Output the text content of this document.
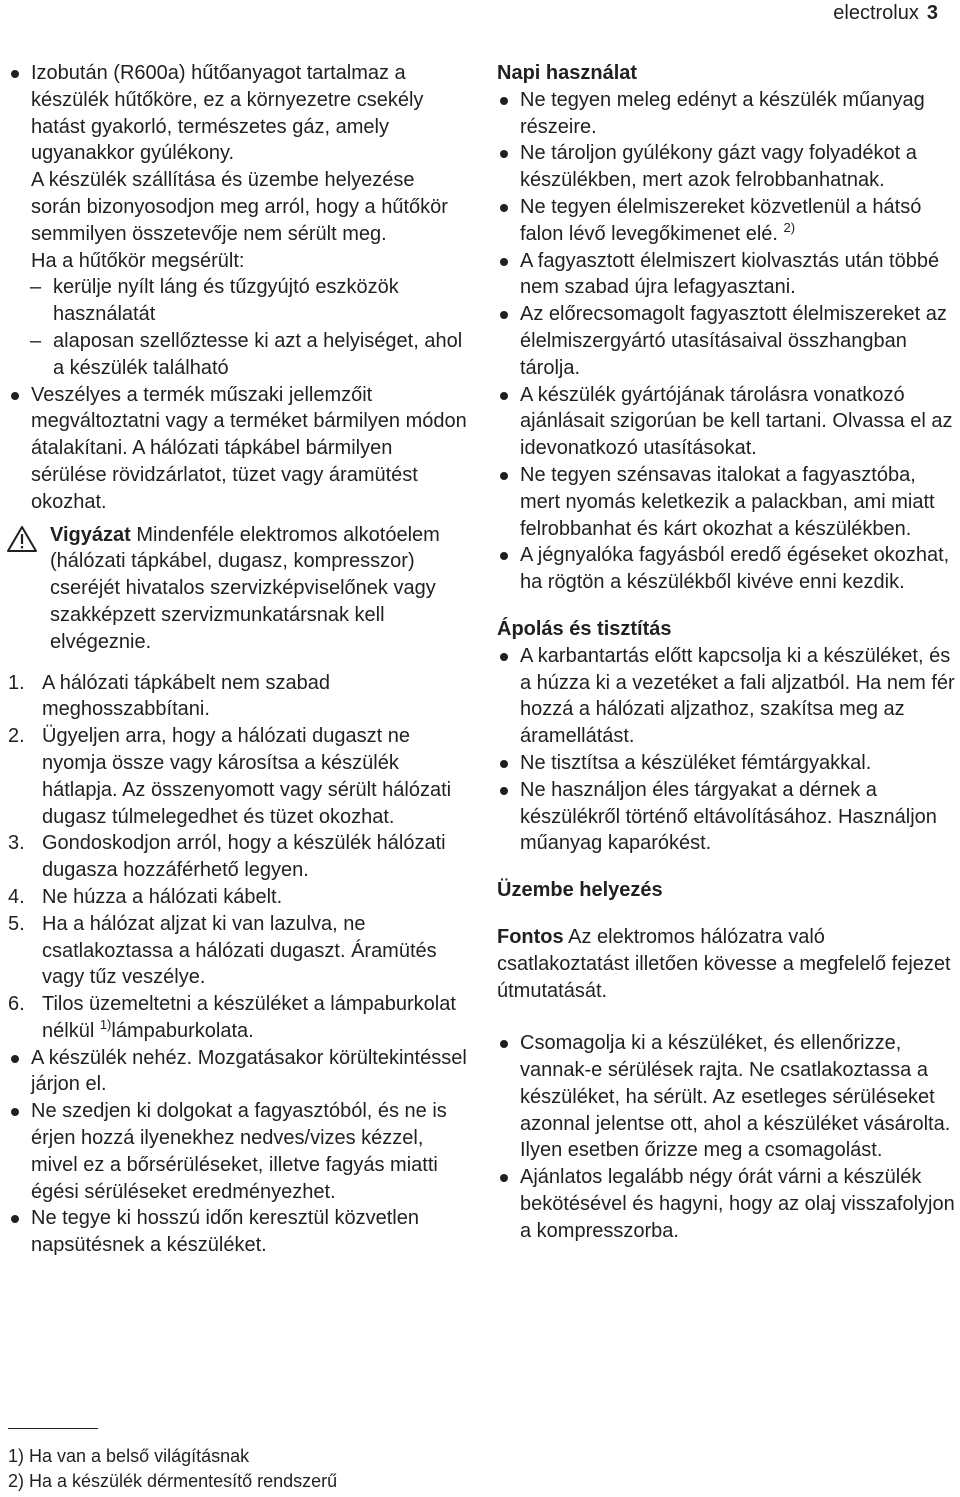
electrolux 3

Izobután (R600a) hűtőanyagot tartalmaz a készülék hűtőköre, ez a környezetre csekély hatást gyakorló, természetes gáz, amely ugyanakkor gyúlékony.

A készülék szállítása és üzembe helyezése során bizonyosodjon meg arról, hogy a hűtőkör semmilyen összetevője nem sérült meg.

Ha a hűtőkör megsérült:

– kerülje nyílt láng és tűzgyújtó eszközök használatát
– alaposan szellőztesse ki azt a helyiséget, ahol a készülék található
Veszélyes a termék műszaki jellemzőit megváltoztatni vagy a terméket bármilyen módon átalakítani. A hálózati tápkábel bármilyen sérülése rövidzárlatot, tüzet vagy áramütést okozhat.

Vigyázat Mindenféle elektromos alkotóelem (hálózati tápkábel, dugasz, kompresszor) cseréjét hivatalos szervizképviselőnek vagy szakképzett szervizmunkatársnak kell elvégeznie.

1. A hálózati tápkábelt nem szabad meghosszabbítani.
2. Ügyeljen arra, hogy a hálózati dugaszt ne nyomja össze vagy károsítsa a készülék hátlapja. Az összenyomott vagy sérült hálózati dugasz túlmelegedhet és tüzet okozhat.
3. Gondoskodjon arról, hogy a készülék hálózati dugasza hozzáférhető legyen.
4. Ne húzza a hálózati kábelt.
5. Ha a hálózat aljzat ki van lazulva, ne csatlakoztassa a hálózati dugaszt. Áramütés vagy tűz veszélye.
6. Tilos üzemeltetni a készüléket a lámpaburkolat nélkül $^{1)}$lámpaburkolata.
A készülék nehéz. Mozgatásakor körültekintéssel járjon el.
Ne szedjen ki dolgokat a fagyasztóból, és ne is érjen hozzá ilyenekhez nedves/vizes kézzel, mivel ez a bőrsérüléseket, illetve fagyás miatti égési sérüléseket eredményezhet.
Ne tegye ki hosszú időn keresztül közvetlen napsütésnek a készüléket.
Napi használat
Ne tegyen meleg edényt a készülék műanyag részeire.
Ne tároljon gyúlékony gázt vagy folyadékot a készülékben, mert azok felrobbanhatnak.
Ne tegyen élelmiszereket közvetlenül a hátsó falon lévő levegőkimenet elé. $^{2)}$
A fagyasztott élelmiszert kiolvasztás után többé nem szabad újra lefagyasztani.
Az előrecsomagolt fagyasztott élelmiszereket az élelmiszergyártó utasításaival összhangban tárolja.
A készülék gyártójának tárolásra vonatkozó ajánlásait szigorúan be kell tartani. Olvassa el az idevonatkozó utasításokat.
Ne tegyen szénsavas italokat a fagyasztóba, mert nyomás keletkezik a palackban, ami miatt felrobbanhat és kárt okozhat a készülékben.
A jégnyalóka fagyásból eredő égéseket okozhat, ha rögtön a készülékből kivéve enni kezdik.
Ápolás és tisztítás
A karbantartás előtt kapcsolja ki a készüléket, és a húzza ki a vezetéket a fali aljzatból. Ha nem fér hozzá a hálózati aljzathoz, szakítsa meg az áramellátást.
Ne tisztítsa a készüléket fémtárgyakkal.
Ne használjon éles tárgyakat a dérnek a készülékről történő eltávolításához. Használjon műanyag kaparókést.
Üzembe helyezés

Fontos Az elektromos hálózatra való csatlakoztatást illetően kövesse a megfelelő fejezet útmutatását.

Csomagolja ki a készüléket, és ellenőrizze, vannak-e sérülések rajta. Ne csatlakoztassa a készüléket, ha sérült. Az esetleges sérüléseket azonnal jelentse ott, ahol a készüléket vásárolta. Ilyen esetben őrizze meg a csomagolást.
Ajánlatos legalább négy órát várni a készülék bekötésével és hagyni, hogy az olaj visszafolyjon a kompresszorba.
1) Ha van a belső világításnak
2) Ha a készülék dérmentesítő rendszerű
